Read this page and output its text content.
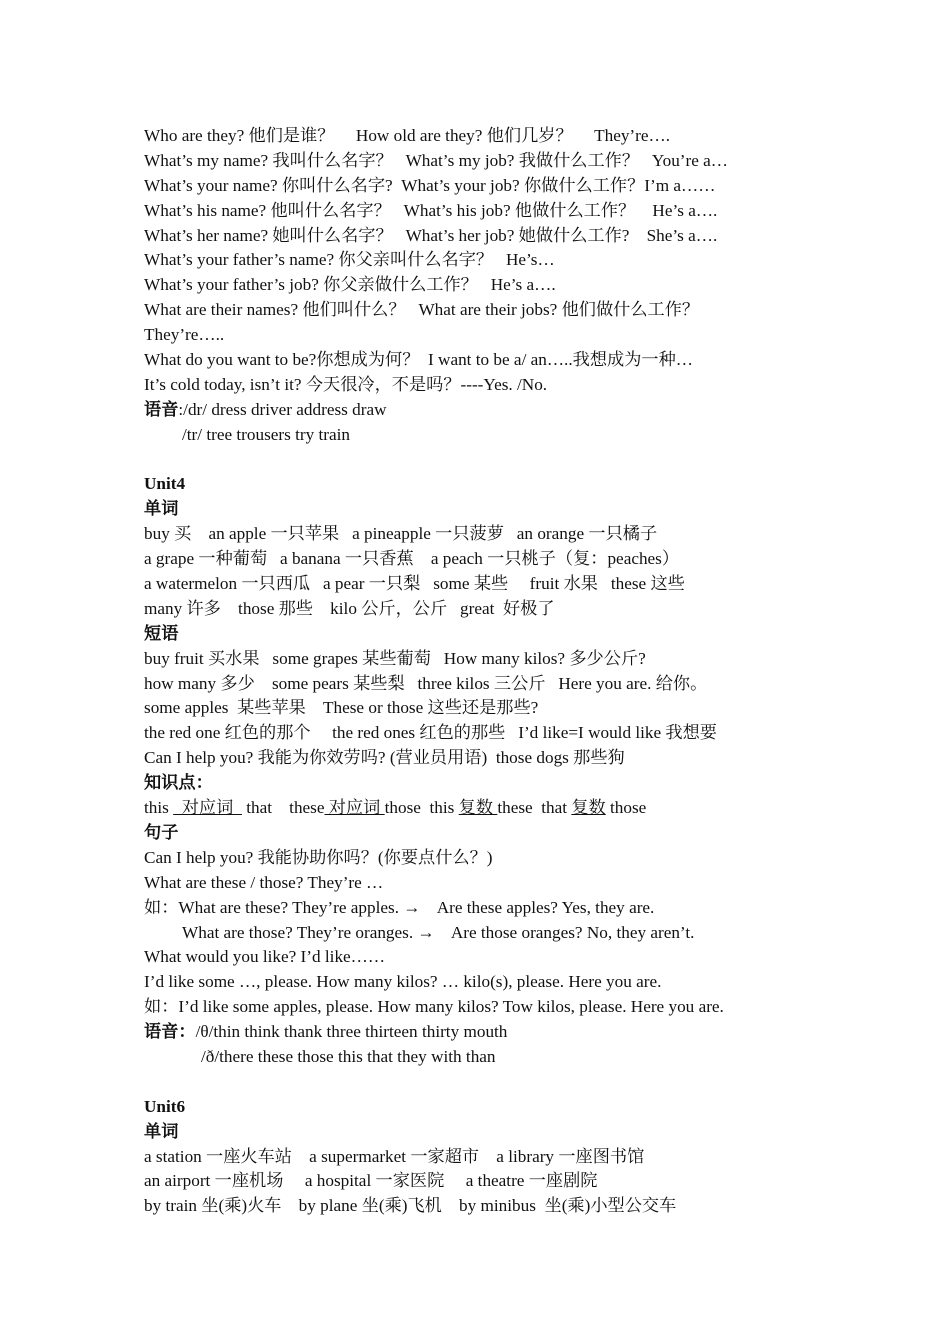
Who are they? 他们是谁？     How old are they? 他们几岁？     They’re….
What’s my name? 我叫什么名字？   What’s my job? 我做什么工作？   You’re a…
What’s your name? 你叫什么名字?  What’s your job? 你做什么工作？I’m a……
What’s his name? 他叫什么名字？   What’s his job? 他做什么工作？    He’s a….
What’s her name? 她叫什么名字？   What’s her job? 她做什么工作?    She’s a….
What’s your father’s name? 你父亲叫什么名字？   He’s…
What’s your father’s job? 你父亲做什么工作？   He’s a….
What are their names? 他们叫什么？   What are their jobs? 他们做什么工作？
They’re…..
What do you want to be?你想成为何？  I want to be a/ an…..我想成为一种…
It’s cold today, isn’t it? 今天很冷，不是吗？----Yes. /No.
语音:/dr/ dress driver address draw
/tr/ tree trousers try train
Unit4
单词
buy 买    an apple 一只苹果   a pineapple 一只菠萝   an orange 一只橘子
a grape 一种葡萄   a banana 一只香蕉    a peach 一只桃子（复：peaches）
a watermelon 一只西瓜   a pear 一只梨   some 某些     fruit 水果   these 这些
many 许多    those 那些    kilo 公斤，公斤   great  好极了
短语
buy fruit 买水果   some grapes 某些葡萄   How many kilos? 多少公斤?
how many 多少    some pears 某些梨   three kilos 三公斤   Here you are. 给你。
some apples  某些苹果    These or those 这些还是那些?
the red one 红色的那个     the red ones 红色的那些   I’d like=I would like 我想要
Can I help you? 我能为你效劳吗? (营业员用语)  those dogs 那些狗
知识点：
this   对应词   that    these 对应词 those  this 复数 these  that 复数 those
句子
Can I help you? 我能协助你吗？(你要点什么？)
What are these / those? They’re …
如：What are these? They’re apples. →    Are these apples? Yes, they are.
What are those? They’re oranges. →    Are those oranges? No, they aren’t.
What would you like? I’d like……
I’d like some …, please. How many kilos? … kilo(s), please. Here you are.
如：I’d like some apples, please. How many kilos? Tow kilos, please. Here you are.
语音：/θ/thin think thank three thirteen thirty mouth
/ð/there these those this that they with than
Unit6
单词
a station 一座火车站    a supermarket 一家超市    a library 一座图书馆
an airport 一座机场     a hospital 一家医院     a theatre 一座剧院
by train 坐(乘)火车    by plane 坐(乘)飞机    by minibus  坐(乘)小型公交车
